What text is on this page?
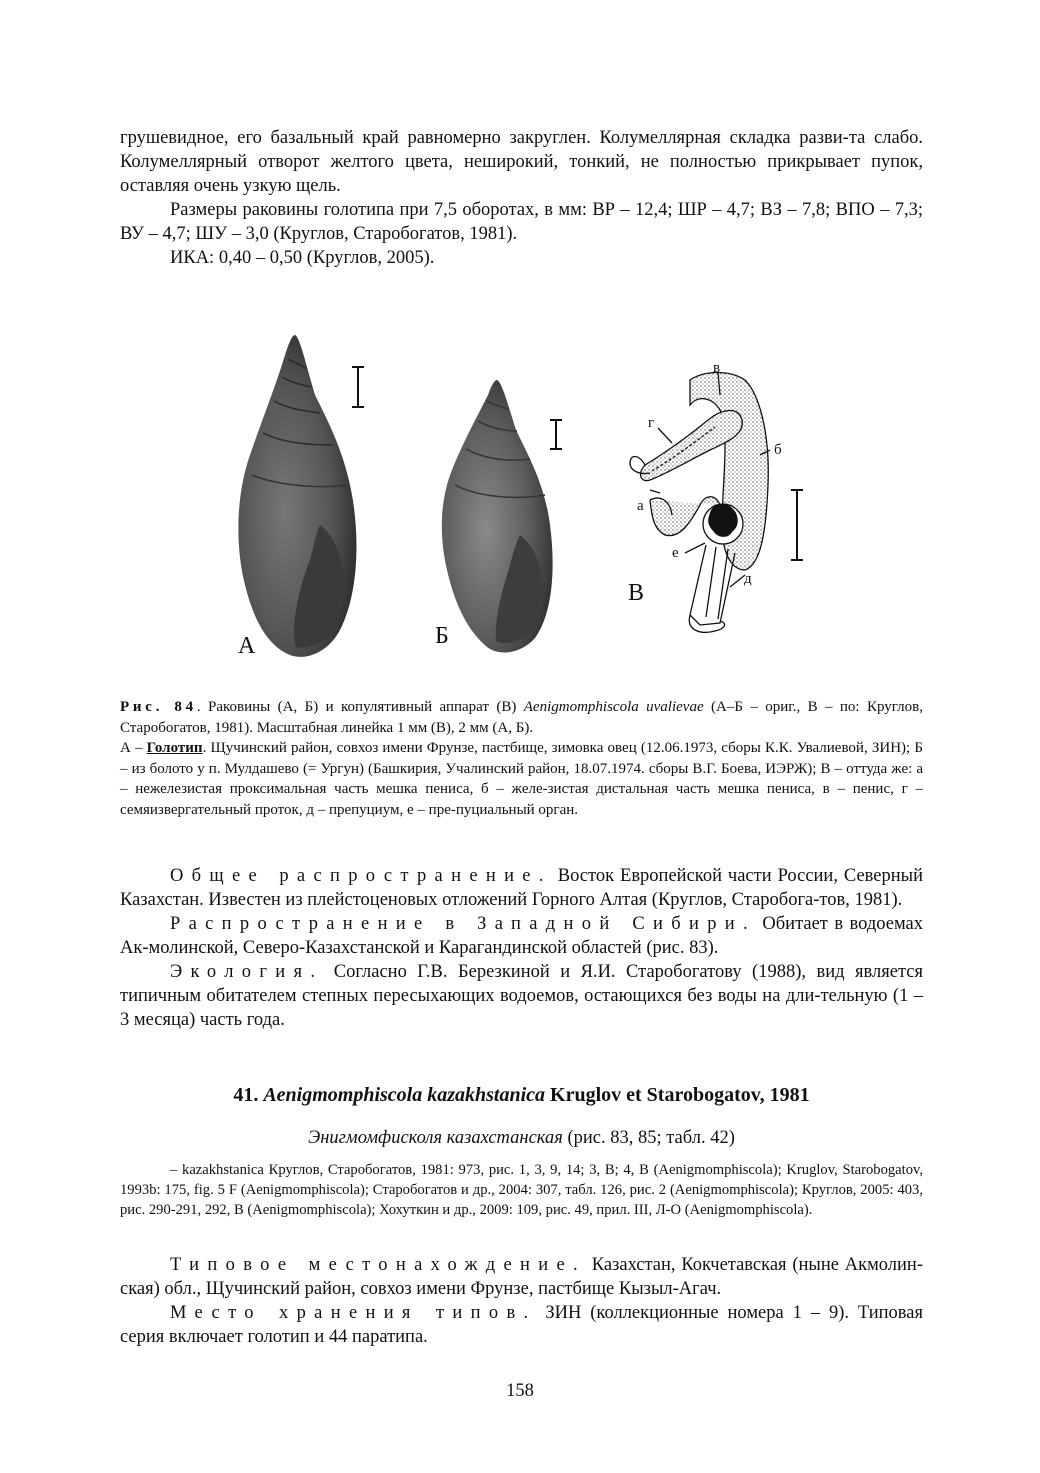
грушевидное, его базальный край равномерно закруглен. Колумеллярная складка разви-та слабо. Колумеллярный отворот желтого цвета, неширокий, тонкий, не полностью прикрывает пупок, оставляя очень узкую щель.

Размеры раковины голотипа при 7,5 оборотах, в мм: ВР – 12,4; ШР – 4,7; ВЗ – 7,8; ВПО – 7,3; ВУ – 4,7; ШУ – 3,0 (Круглов, Старобогатов, 1981).

ИКА: 0,40 – 0,50 (Круглов, 2005).

в
г
б
а
е
д
А	Б
В

Рис. 84. Раковины (А, Б) и копулятивный аппарат (В) Aenigmomphiscola uvalievae (А–Б – ориг., В – по: Круглов, Старобогатов, 1981). Масштабная линейка 1 мм (В), 2 мм (А, Б).

А – Голотип. Щучинский район, совхоз имени Фрунзе, пастбище, зимовка овец (12.06.1973, сборы К.К. Увалиевой, ЗИН); Б – из болото у п. Мулдашево (= Ургун) (Башкирия, Учалинский район, 18.07.1974. сборы В.Г. Боева, ИЭРЖ); В – оттуда же: а – нежелезистая проксимальная часть мешка пениса, б – желе-зистая дистальная часть мешка пениса, в – пенис, г – семяизвергательный проток, д – препуциум, е – пре-пуциальный орган.

Общее распространение. Восток Европейской части России, Северный Казахстан. Известен из плейстоценовых отложений Горного Алтая (Круглов, Старобога-тов, 1981).

Распространение в Западной Сибири. Обитает в водоемах Ак-молинской, Северо-Казахстанской и Карагандинской областей (рис. 83).

Экология. Согласно Г.В. Березкиной и Я.И. Старобогатову (1988), вид является типичным обитателем степных пересыхающих водоемов, остающихся без воды на дли-тельную (1 – 3 месяца) часть года.

41. Aenigmomphiscola kazakhstanica Kruglov et Starobogatov, 1981
Энигмомфисколя казахстанская (рис. 83, 85; табл. 42)

– kazakhstanica Круглов, Старобогатов, 1981: 973, рис. 1, 3, 9, 14; 3, В; 4, В (Aenigmomphiscola); Kruglov, Starobogatov, 1993b: 175, fig. 5 F (Aenigmomphiscola); Старобогатов и др., 2004: 307, табл. 126, рис. 2 (Aenigmomphiscola); Круглов, 2005: 403, рис. 290-291, 292, В (Aenigmomphiscola); Хохуткин и др., 2009: 109, рис. 49, прил. III, Л-О (Aenigmomphiscola).

Типовое местонахождение. Казахстан, Кокчетавская (ныне Акмолин-ская) обл., Щучинский район, совхоз имени Фрунзе, пастбище Кызыл-Агач.

Место хранения типов. ЗИН (коллекционные номера 1 – 9). Типовая серия включает голотип и 44 паратипа.

158
